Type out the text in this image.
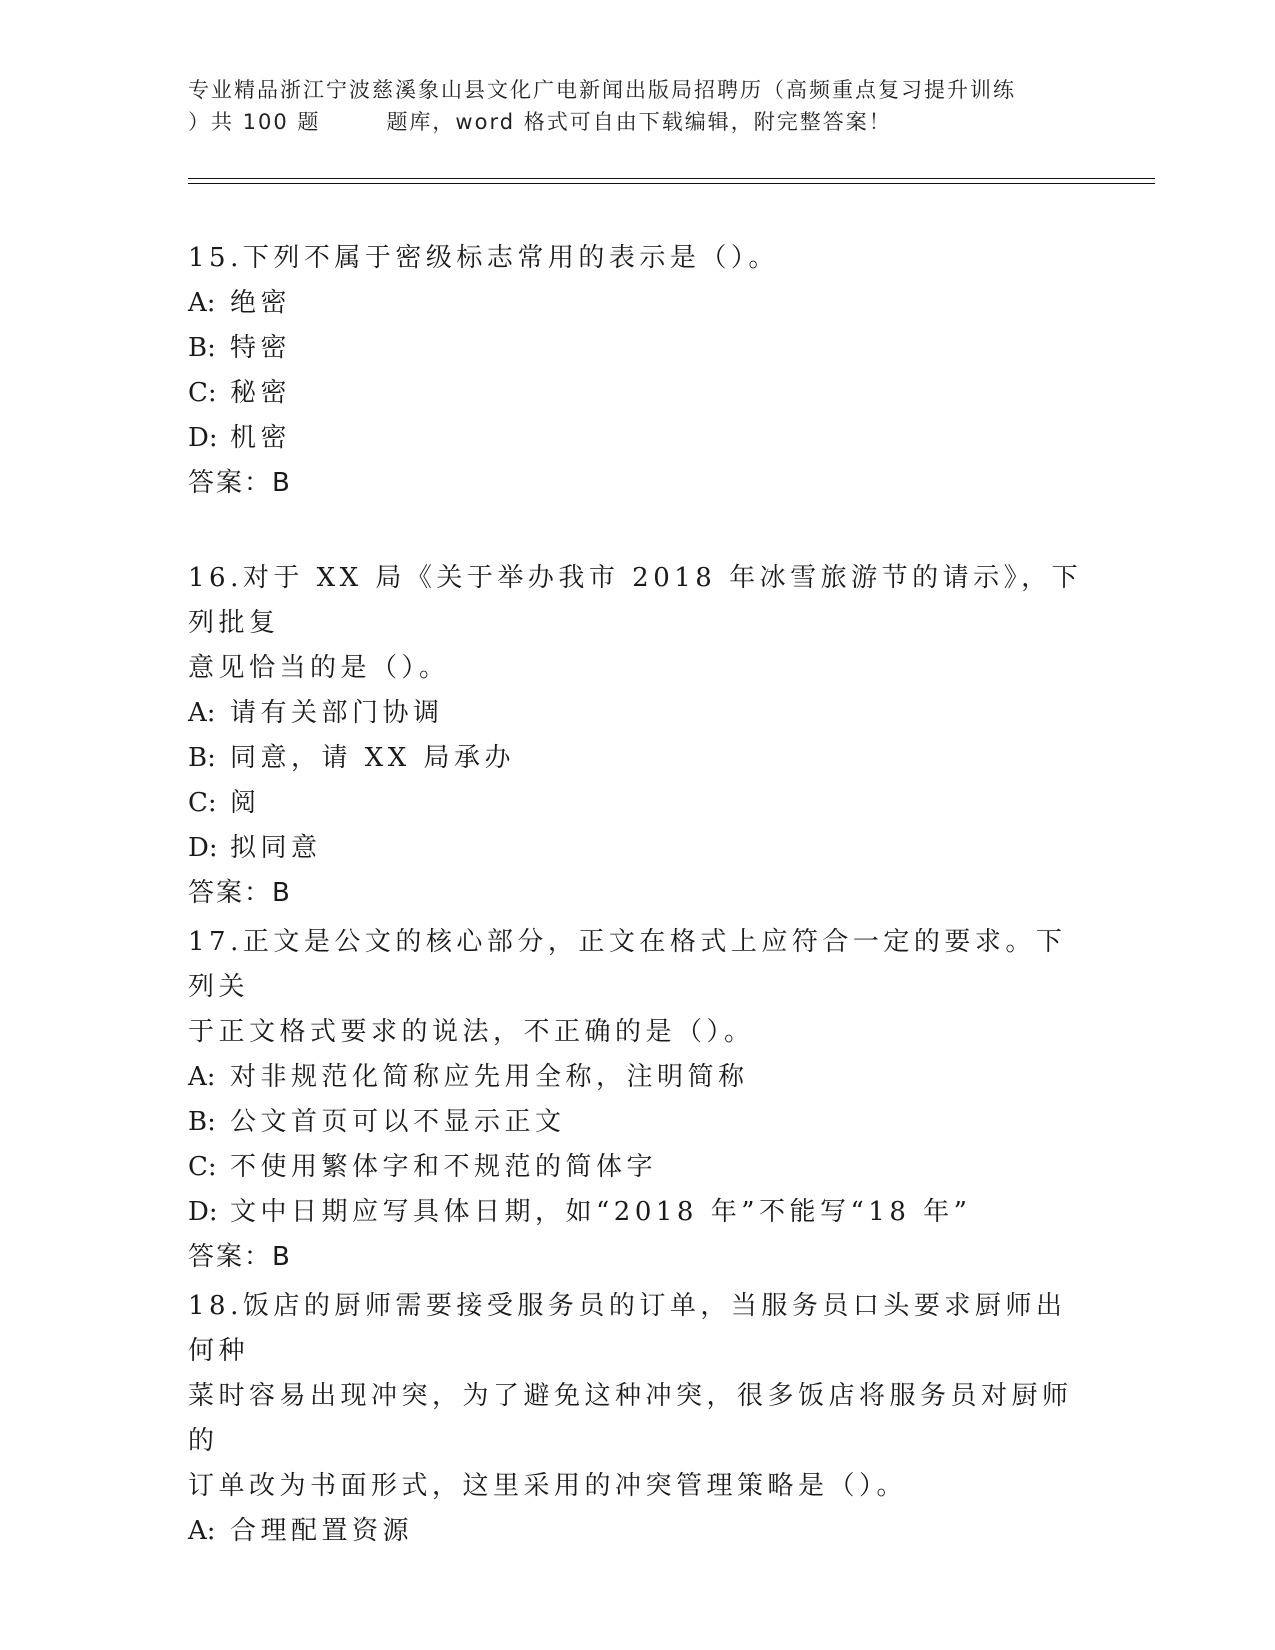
专业精品浙江宁波慈溪象山县文化广电新闻出版局招聘历（高频重点复习提升训练
）共 100 题	题库，word 格式可自由下载编辑，附完整答案！
15.下列不属于密级标志常用的表示是（）。
A: 绝密
B: 特密
C: 秘密
D: 机密
答案：B
16.对于 XX 局《关于举办我市 2018 年冰雪旅游节的请示》，下列批复
意见恰当的是（）。
A: 请有关部门协调
B: 同意，请 XX 局承办
C: 阅
D: 拟同意
答案：B
17.正文是公文的核心部分，正文在格式上应符合一定的要求。下列关
于正文格式要求的说法，不正确的是（）。
A: 对非规范化简称应先用全称，注明简称
B: 公文首页可以不显示正文
C: 不使用繁体字和不规范的简体字
D: 文中日期应写具体日期，如“2018 年”不能写“18 年”
答案：B
18.饭店的厨师需要接受服务员的订单，当服务员口头要求厨师出何种
菜时容易出现冲突，为了避免这种冲突，很多饭店将服务员对厨师的
订单改为书面形式，这里采用的冲突管理策略是（）。
A: 合理配置资源
